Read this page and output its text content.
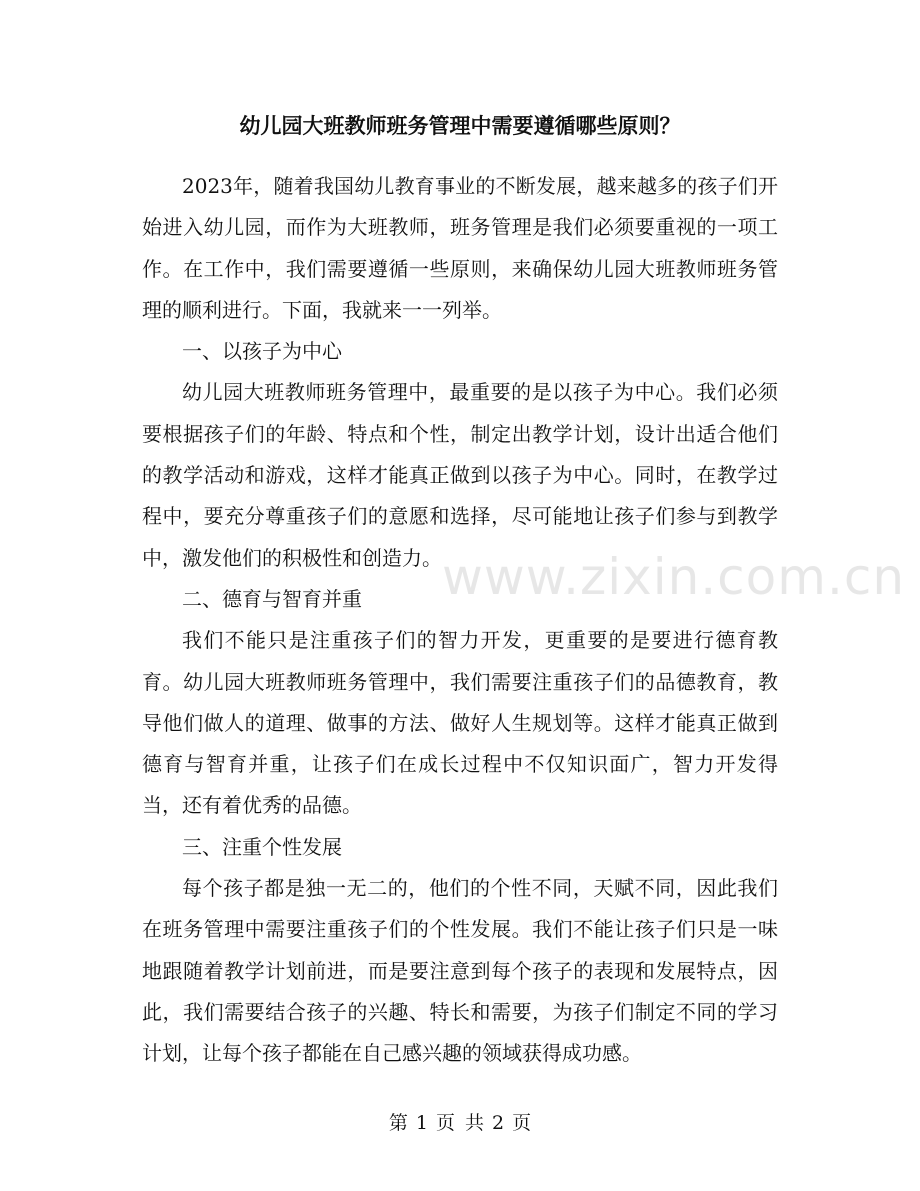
www.zixin.com.cn
幼儿园大班教师班务管理中需要遵循哪些原则？

2023年，随着我国幼儿教育事业的不断发展，越来越多的孩子们开始进入幼儿园，而作为大班教师，班务管理是我们必须要重视的一项工作。在工作中，我们需要遵循一些原则，来确保幼儿园大班教师班务管理的顺利进行。下面，我就来一一列举。

一、以孩子为中心

幼儿园大班教师班务管理中，最重要的是以孩子为中心。我们必须要根据孩子们的年龄、特点和个性，制定出教学计划，设计出适合他们的教学活动和游戏，这样才能真正做到以孩子为中心。同时，在教学过程中，要充分尊重孩子们的意愿和选择，尽可能地让孩子们参与到教学中，激发他们的积极性和创造力。

二、德育与智育并重

我们不能只是注重孩子们的智力开发，更重要的是要进行德育教育。幼儿园大班教师班务管理中，我们需要注重孩子们的品德教育，教导他们做人的道理、做事的方法、做好人生规划等。这样才能真正做到德育与智育并重，让孩子们在成长过程中不仅知识面广，智力开发得当，还有着优秀的品德。

三、注重个性发展

每个孩子都是独一无二的，他们的个性不同，天赋不同，因此我们在班务管理中需要注重孩子们的个性发展。我们不能让孩子们只是一味地跟随着教学计划前进，而是要注意到每个孩子的表现和发展特点，因此，我们需要结合孩子的兴趣、特长和需要，为孩子们制定不同的学习计划，让每个孩子都能在自己感兴趣的领域获得成功感。

第 1 页 共 2 页
